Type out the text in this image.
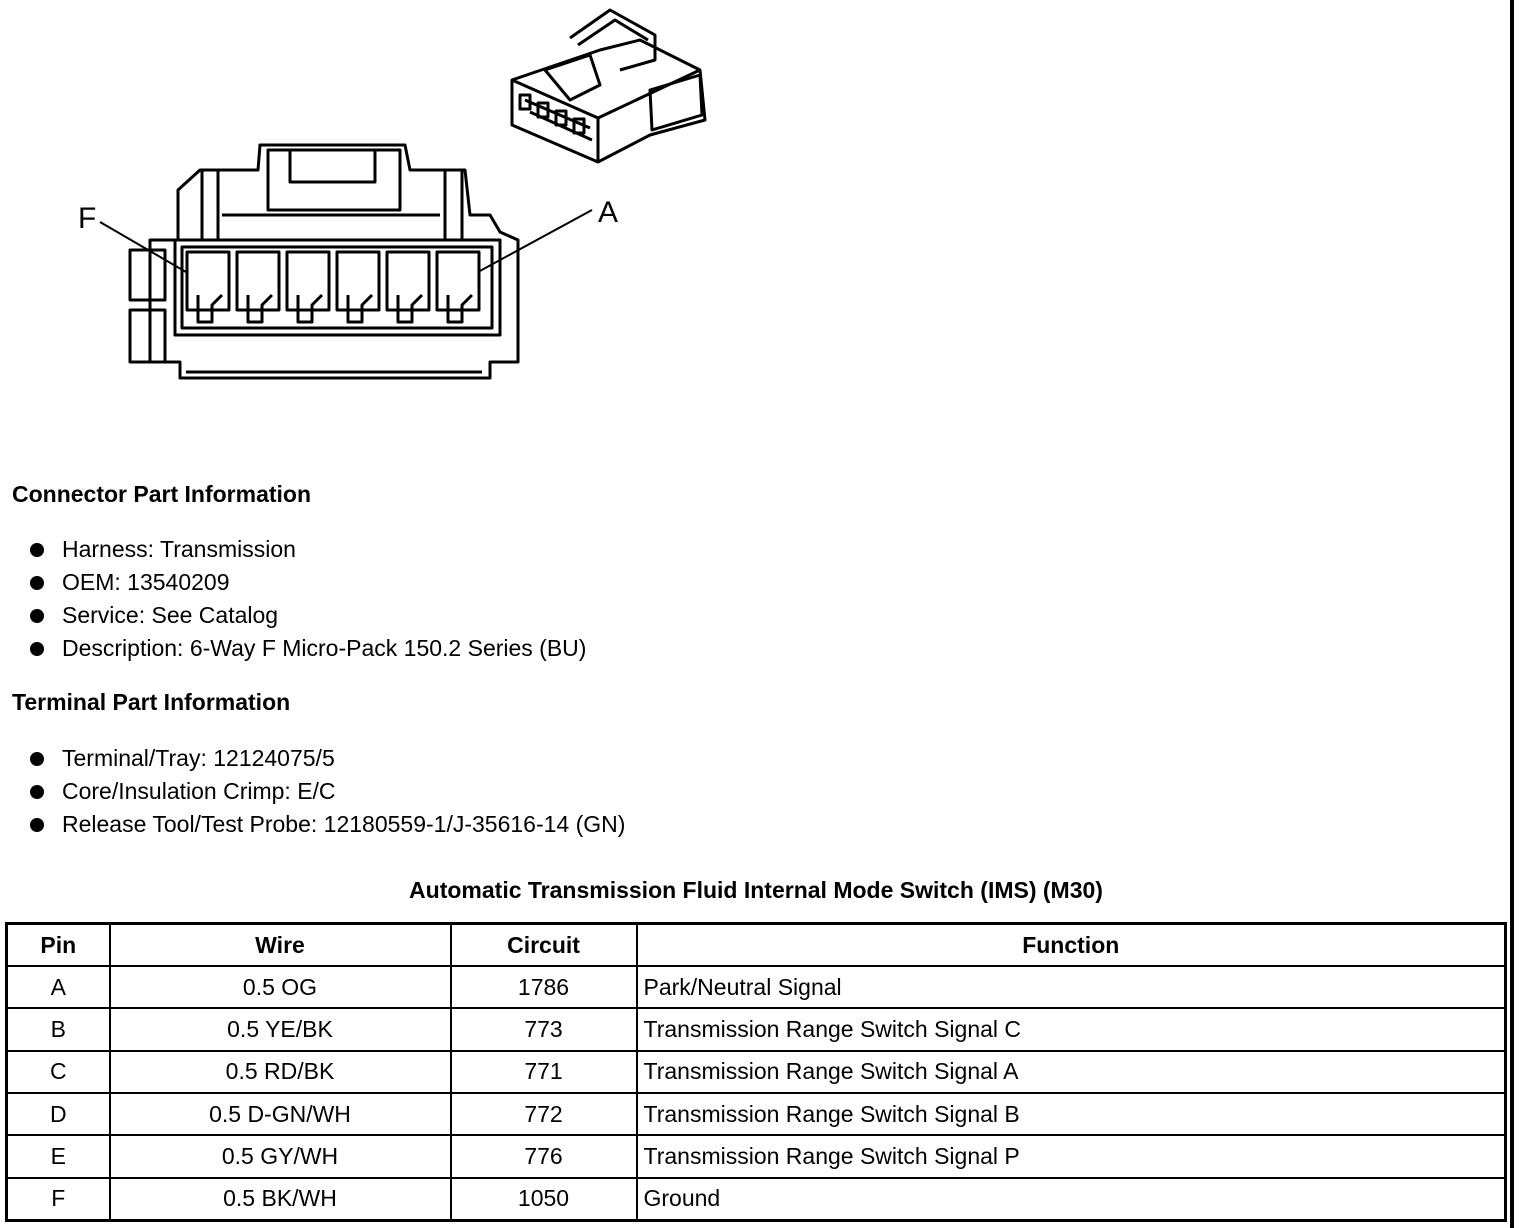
F	A
Connector Part Information
Harness: Transmission
OEM: 13540209
Service: See Catalog
Description: 6-Way F Micro-Pack 150.2 Series (BU)
Terminal Part Information
Terminal/Tray: 12124075/5
Core/Insulation Crimp: E/C
Release Tool/Test Probe: 12180559-1/J-35616-14 (GN)
Automatic Transmission Fluid Internal Mode Switch (IMS) (M30)
Pin	Wire	Circuit	Function
A	0.5 OG	1786	Park/Neutral Signal
B	0.5 YE/BK	773	Transmission Range Switch Signal C
C	0.5 RD/BK	771	Transmission Range Switch Signal A
D	0.5 D-GN/WH	772	Transmission Range Switch Signal B
E	0.5 GY/WH	776	Transmission Range Switch Signal P
F	0.5 BK/WH	1050	Ground
